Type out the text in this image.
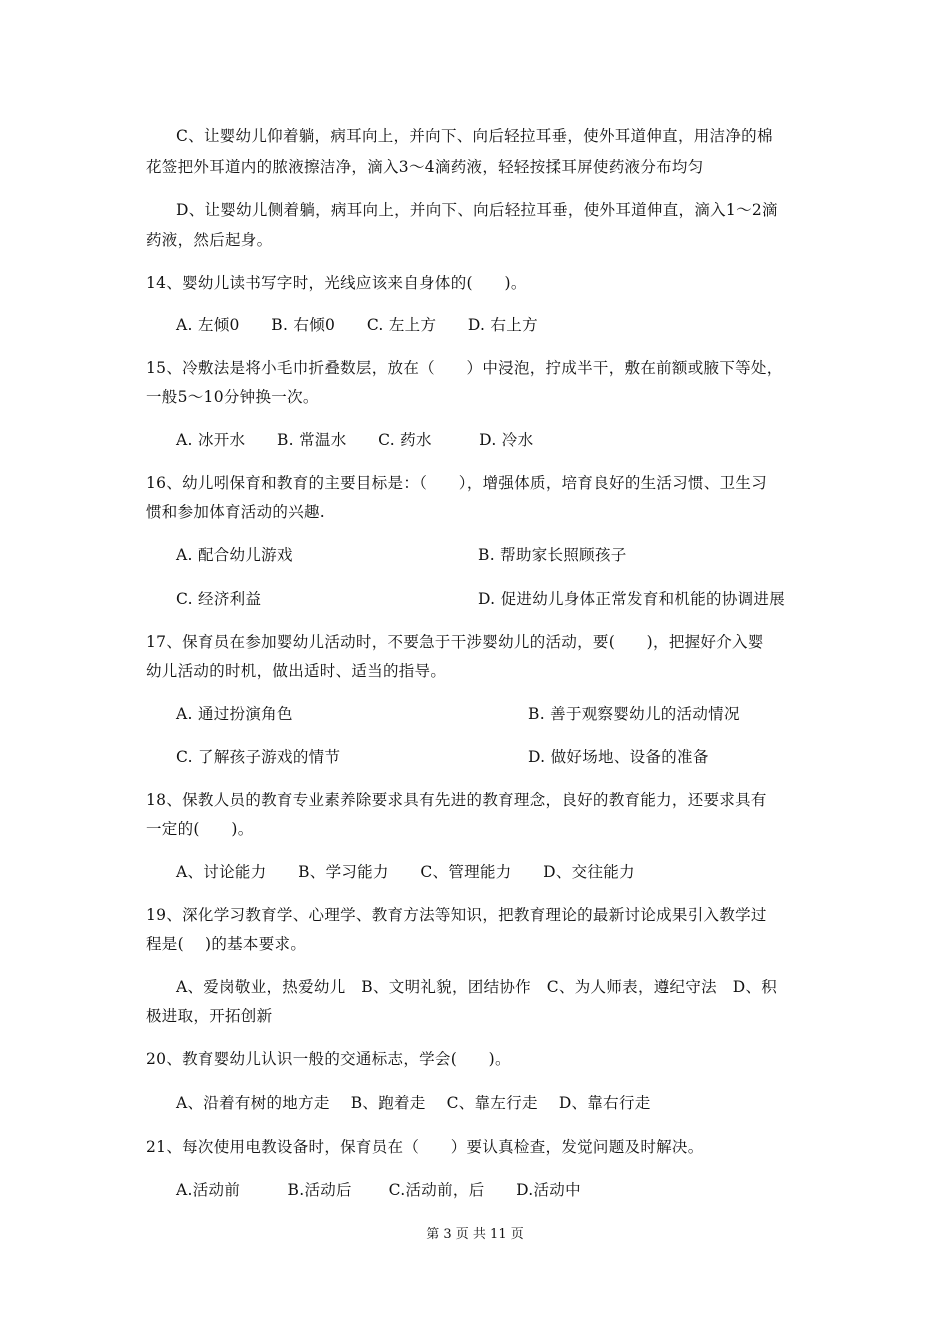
C、让婴幼儿仰着躺，病耳向上，并向下、向后轻拉耳垂，使外耳道伸直，用洁净的棉
花签把外耳道内的脓液擦洁净，滴入3～4滴药液，轻轻按揉耳屏使药液分布均匀
D、让婴幼儿侧着躺，病耳向上，并向下、向后轻拉耳垂，使外耳道伸直，滴入1～2滴
药液，然后起身。
14、婴幼儿读书写字时，光线应该来自身体的(　　)。
A. 左倾0　　B. 右倾0　　C. 左上方　　D. 右上方
15、冷敷法是将小毛巾折叠数层，放在（　　）中浸泡，拧成半干，敷在前额或腋下等处，
一般5～10分钟换一次。
A. 冰开水　　B. 常温水　　C. 药水　　　D. 冷水
16、幼儿吲保育和教育的主要目标是：（　　），增强体质，培育良好的生活习惯、卫生习
惯和参加体育活动的兴趣.
A. 配合幼儿游戏	B. 帮助家长照顾孩子
C. 经济利益	D. 促进幼儿身体正常发育和机能的协调进展
17、保育员在参加婴幼儿活动时，不要急于干涉婴幼儿的活动，要(　　)，把握好介入婴
幼儿活动的时机，做出适时、适当的指导。
A. 通过扮演角色	B. 善于观察婴幼儿的活动情况
C. 了解孩子游戏的情节	D. 做好场地、设备的准备
18、保教人员的教育专业素养除要求具有先进的教育理念，良好的教育能力，还要求具有
一定的(　　)。
A、讨论能力　　B、学习能力　　C、管理能力　　D、交往能力
19、深化学习教育学、心理学、教育方法等知识，把教育理论的最新讨论成果引入教学过
程是(　 )的基本要求。
A、爱岗敬业，热爱幼儿　B、文明礼貌，团结协作　C、为人师表，遵纪守法　D、积
极进取，开拓创新
20、教育婴幼儿认识一般的交通标志，学会(　　)。
A、沿着有树的地方走　 B、跑着走　 C、靠左行走　 D、靠右行走
21、每次使用电教设备时，保育员在（　　）要认真检查，发觉问题及时解决。
A.活动前　　　B.活动后　　 C.活动前，后　　D.活动中
第 3 页 共 11 页
